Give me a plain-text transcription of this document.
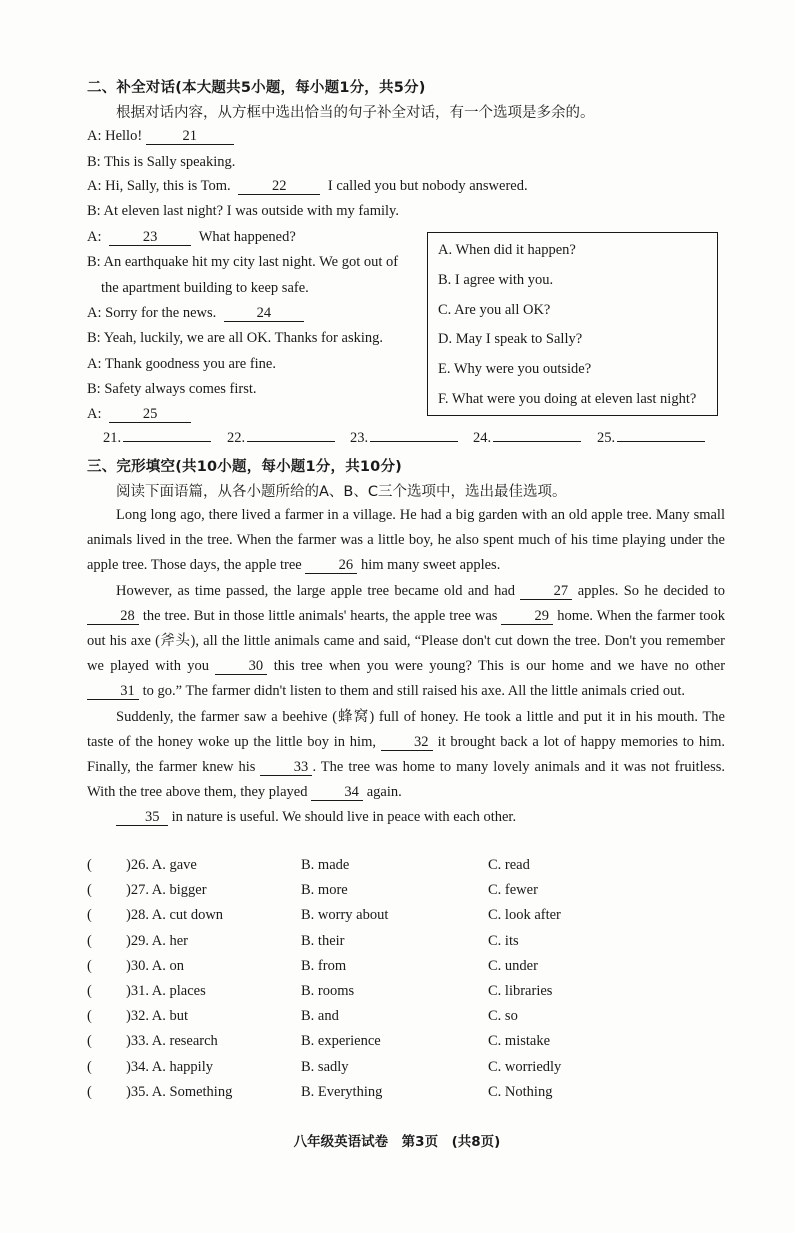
二、补全对话(本大题共5小题，每小题1分，共5分)
根据对话内容，从方框中选出恰当的句子补全对话，有一个选项是多余的。
A: Hello!	21
B: This is Sally speaking.
A: Hi, Sally, this is Tom.	22	I called you but nobody answered.
B: At eleven last night? I was outside with my family.
A:	23	What happened?
B: An earthquake hit my city last night. We got out of
the apartment building to keep safe.
A: Sorry for the news.	24
B: Yeah, luckily, we are all OK. Thanks for asking.
A: Thank goodness you are fine.
B: Safety always comes first.
A:	25
A. When did it happen?
B. I agree with you.
C. Are you all OK?
D. May I speak to Sally?
E. Why were you outside?
F. What were you doing at eleven last night?
21.	22.	23.	24.	25.
三、完形填空(共10小题，每小题1分，共10分)
阅读下面语篇，从各小题所给的A、B、C三个选项中，选出最佳选项。

Long long ago, there lived a farmer in a village. He had a big garden with an old apple tree. Many small animals lived in the tree. When the farmer was a little boy, he also spent much of his time playing under the apple tree. Those days, the apple tree	26 him many sweet apples.

However, as time passed, the large apple tree became old and had	27 apples. So he decided to 28 the tree. But in those little animals' hearts, the apple tree was	29 home. When the farmer took out his axe (斧头), all the little animals came and said, “Please don't cut down the tree. Don't you remember we played with you	30 this tree when you were young? This is our home and we have no other 31 to go.” The farmer didn't listen to them and still raised his axe. All the little animals cried out.

Suddenly, the farmer saw a beehive (蜂窝) full of honey. He took a little and put it in his mouth. The taste of the honey woke up the little boy in him,	32 it brought back a lot of happy memories to him. Finally, the farmer knew his	33 . The tree was home to many lovely animals and it was not fruitless. With the tree above them, they played	34 again.

35 in nature is useful. We should live in peace with each other.

( )26. A. gave	B. made	C. read
( )27. A. bigger	B. more	C. fewer
( )28. A. cut down	B. worry about	C. look after
( )29. A. her	B. their	C. its
( )30. A. on	B. from	C. under
( )31. A. places	B. rooms	C. libraries
( )32. A. but	B. and	C. so
( )33. A. research	B. experience	C. mistake
( )34. A. happily	B. sadly	C. worriedly
( )35. A. Something	B. Everything	C. Nothing
八年级英语试卷　第3页　(共8页)
